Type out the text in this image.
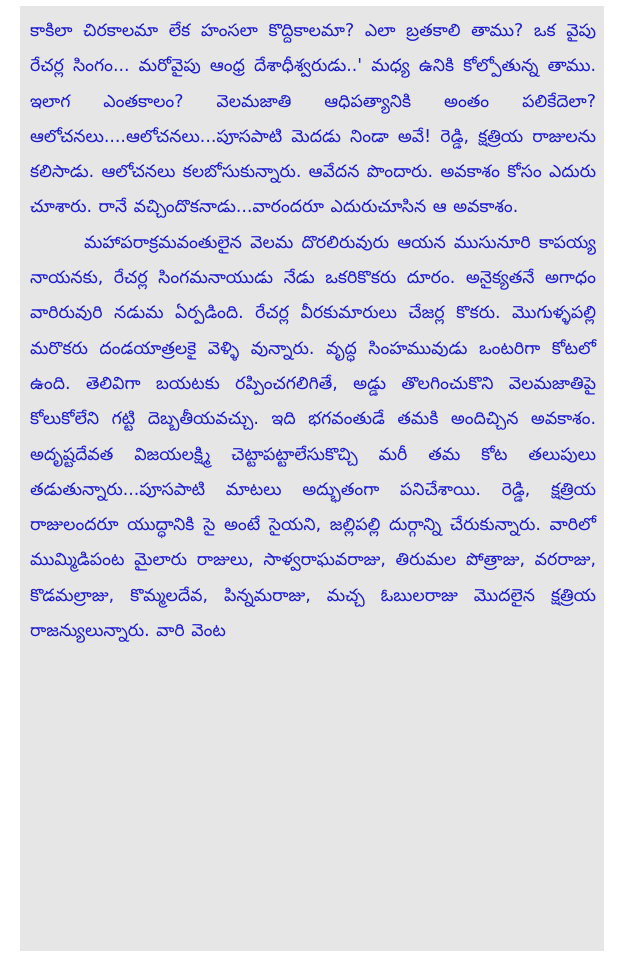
కాకిలా చిరకాలమా లేక హంసలా కొద్దికాలమా? ఎలా బ్రతకాలి తాము? ఒక వైపు రేచర్ల సింగం... మరోవైపు ఆంధ్ర దేశాధీశ్వరుడు..' మధ్య ఉనికి కోల్పోతున్న తాము. ఇలాగ ఎంతకాలం? వెలమజాతి ఆధిపత్యానికి అంతం పలికేదెలా? ఆలోచనలు....ఆలోచనలు...పూసపాటి మెదడు నిండా అవే! రెడ్డి, క్షత్రియ రాజులను కలిసాడు. ఆలోచనలు కలబోసుకున్నారు. ఆవేదన పొందారు. అవకాశం కోసం ఎదురు చూశారు. రానే వచ్చిందొకనాడు...వారందరూ ఎదురుచూసిన ఆ అవకాశం.

మహాపరాక్రమవంతులైన వెలమ దొరలిరువురు ఆయన ముసునూరి కాపయ్య నాయనకు, రేచర్ల సింగమనాయుడు నేడు ఒకరికొకరు దూరం. అనైక్యతనే అగాధం వారిరువురి నడుమ ఏర్పడింది. రేచర్ల వీరకుమారులు చేజర్ల కొకరు. మొగుళ్ళపల్లి మరొకరు దండయాత్రలకై వెళ్ళి వున్నారు. వృద్ధ సింహమువుడు ఒంటరిగా కోటలో ఉంది. తెలివిగా బయటకు రప్పించగలిగితే, అడ్డు తొలగించుకొని వెలమజాతిపై కోలుకోలేని గట్టి దెబ్బతీయవచ్చు. ఇది భగవంతుడే తమకి అందిచ్చిన అవకాశం. అదృష్టదేవత విజయలక్ష్మి చెట్టాపట్టాలేసుకొచ్చి మరీ తమ కోట తలుపులు తడుతున్నారు...పూసపాటి మాటలు అద్భుతంగా పనిచేశాయి. రెడ్డి, క్షత్రియ రాజులందరూ యుద్ధానికి సై అంటే సైయని, జల్లిపల్లి దుర్గాన్ని చేరుకున్నారు. వారిలో ముమ్మిడిపంట మైలారు రాజులు, సాళ్వరాఘవరాజు, తిరుమల పోత్రాజు, వరరాజు, కొడమల్రాజు, కొమ్మలదేవ, పిన్నమరాజు, మచ్చ ఓబులరాజు మొదలైన క్షత్రియ రాజన్యులున్నారు. వారి వెంట
